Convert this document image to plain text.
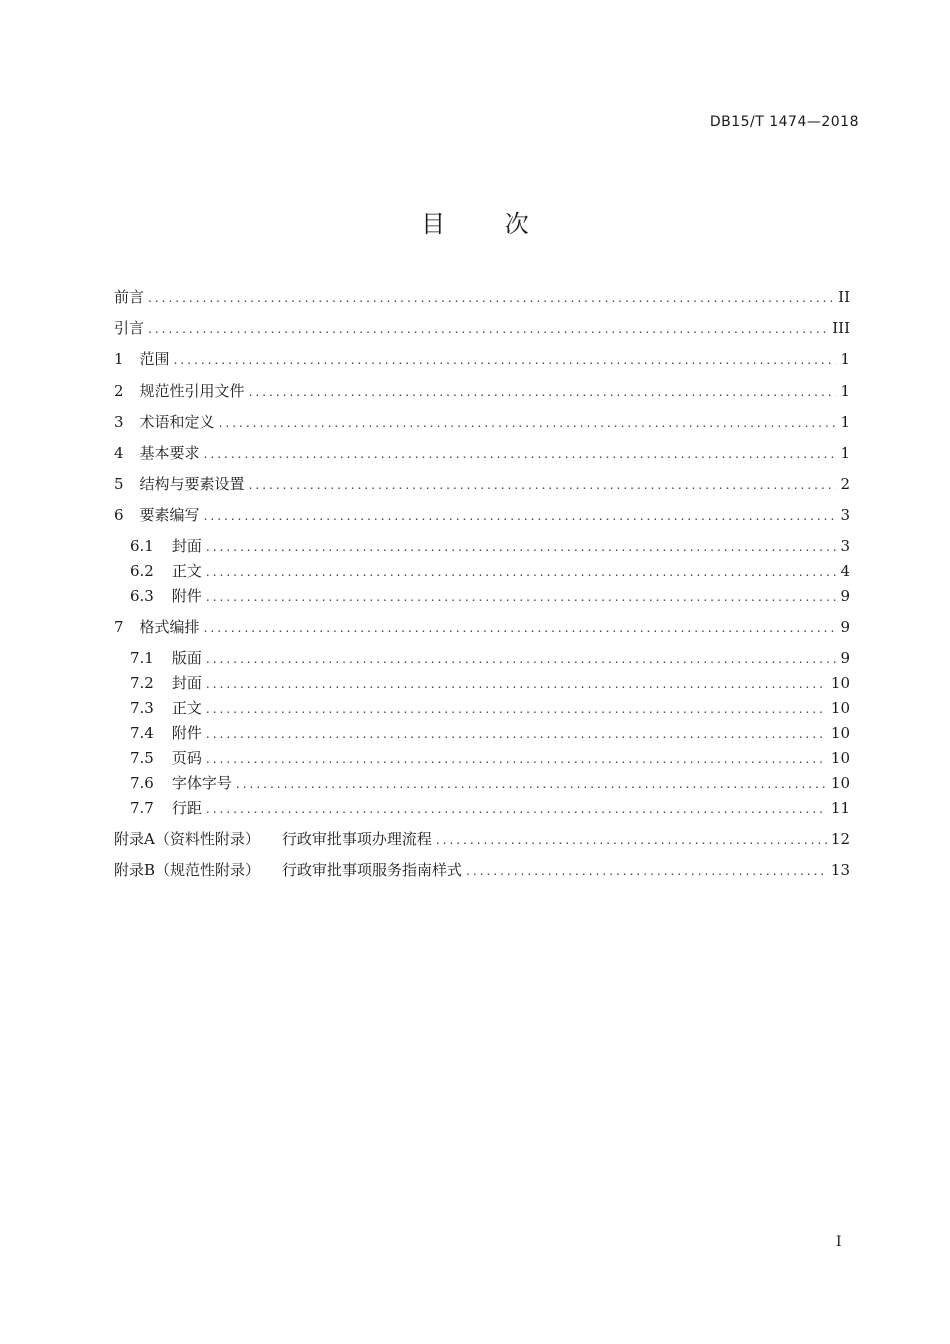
DB15/T 1474—2018
目 次
前言 .....	II
引言 .....	III
1 范围 .....	1
2 规范性引用文件 .....	1
3 术语和定义 .....	1
4 基本要求 .....	1
5 结构与要素设置 .....	2
6 要素编写 .....	3
6.1 封面 .....	3
6.2 正文 .....	4
6.3 附件 .....	9
7 格式编排 .....	9
7.1 版面 .....	9
7.2 封面 .....	10
7.3 正文 .....	10
7.4 附件 .....	10
7.5 页码 .....	10
7.6 字体字号 .....	10
7.7 行距 .....	11
附录A（资料性附录） 行政审批事项办理流程 .....	12
附录B（规范性附录） 行政审批事项服务指南样式 .....	13
I
